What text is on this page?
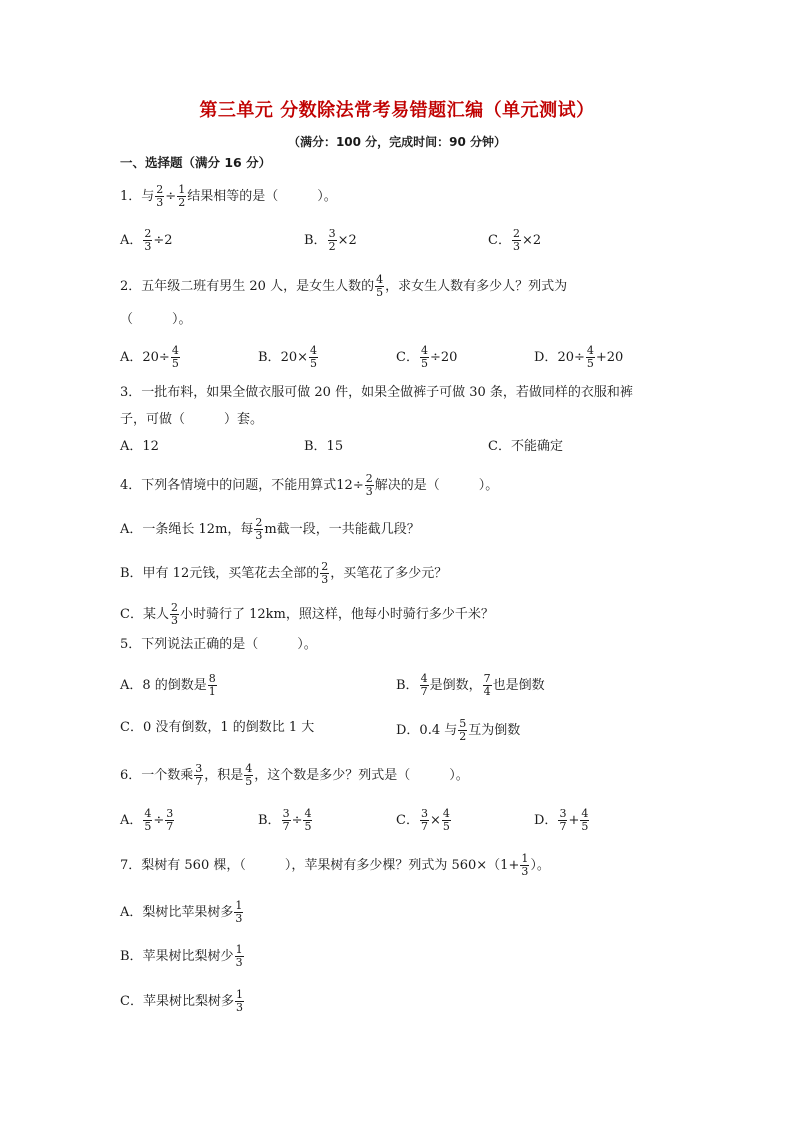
第三单元 分数除法常考易错题汇编（单元测试）
（满分：100 分，完成时间：90 分钟）
一、选择题（满分 16 分）
1．与 $\frac{2}{3} \div \frac{1}{2}$ 结果相等的是（　　　）。
A． $\frac{2}{3} \div 2$	B． $\frac{3}{2} \times 2$	C． $\frac{2}{3} \times 2$
2．五年级二班有男生 20 人，是女生人数的 $\frac{4}{5}$ ，求女生人数有多少人？列式为
（　　　）。
A．$20\div \frac{4}{5}$	B．$20\times \frac{4}{5}$	C． $\frac{4}{5} \div 20$	D．$20\div \frac{4}{5} +20$
3．一批布料，如果全做衣服可做 20 件，如果全做裤子可做 30 条，若做同样的衣服和裤
子，可做（　　　）套。
A．12	B．15	C．不能确定
4．下列各情境中的问题，不能用算式$12\div \frac{2}{3}$ 解决的是（　　　）。
A．一条绳长 12m，每 $\frac{2}{3}$ m截一段，一共能截几段？
B．甲有 12元钱，买笔花去全部的 $\frac{2}{3}$ ，买笔花了多少元？
C．某人 $\frac{2}{3}$ 小时骑行了 12km，照这样，他每小时骑行多少千米？
5．下列说法正确的是（　　　）。
A．8 的倒数是 $\frac{8}{1}$	B． $\frac{4}{7}$ 是倒数， $\frac{7}{4}$ 也是倒数
C．0 没有倒数，1 的倒数比 1 大	D．0.4 与 $\frac{5}{2}$ 互为倒数
6．一个数乘 $\frac{3}{7}$ ，积是 $\frac{4}{5}$ ，这个数是多少？列式是（　　　）。
A． $\frac{4}{5} \div \frac{3}{7}$	B． $\frac{3}{7} \div \frac{4}{5}$	C． $\frac{3}{7} \times \frac{4}{5}$	D． $\frac{3}{7} + \frac{4}{5}$
7．梨树有 560 棵，（　　　），苹果树有多少棵？列式为 $560\times(1+ \frac{1}{3}$ ）。
A．梨树比苹果树多 $\frac{1}{3}$
B．苹果树比梨树少 $\frac{1}{3}$
C．苹果树比梨树多 $\frac{1}{3}$
